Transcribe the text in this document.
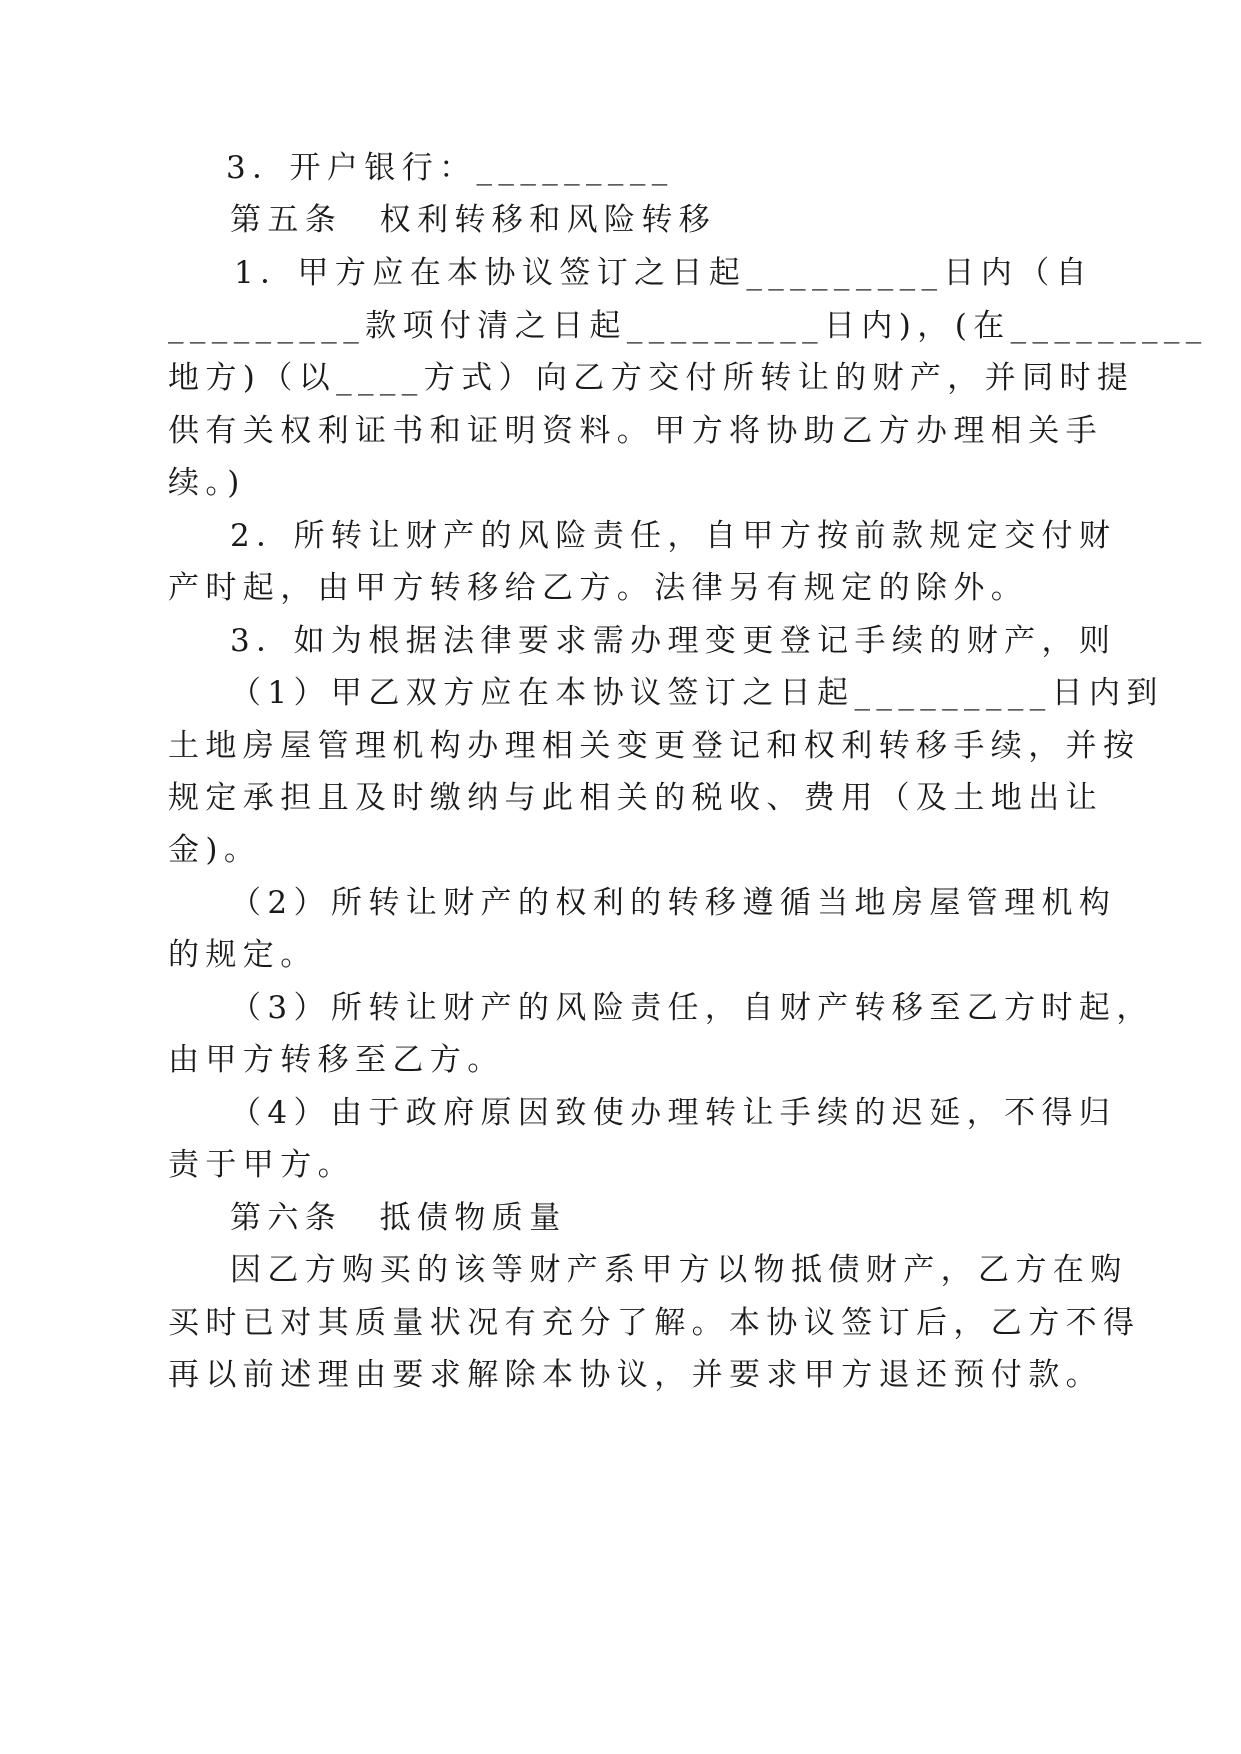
3．开户银行：_________
第五条　权利转移和风险转移
1．甲方应在本协议签订之日起_________日内（自
_________款项付清之日起_________日内)，(在_________
地方)（以____方式）向乙方交付所转让的财产，并同时提
供有关权利证书和证明资料。甲方将协助乙方办理相关手
续。)
2．所转让财产的风险责任，自甲方按前款规定交付财
产时起，由甲方转移给乙方。法律另有规定的除外。
3．如为根据法律要求需办理变更登记手续的财产，则
（1）甲乙双方应在本协议签订之日起_________日内到
土地房屋管理机构办理相关变更登记和权利转移手续，并按
规定承担且及时缴纳与此相关的税收、费用（及土地出让
金)。
（2）所转让财产的权利的转移遵循当地房屋管理机构
的规定。
（3）所转让财产的风险责任，自财产转移至乙方时起，
由甲方转移至乙方。
（4）由于政府原因致使办理转让手续的迟延，不得归
责于甲方。
第六条　抵债物质量
因乙方购买的该等财产系甲方以物抵债财产，乙方在购
买时已对其质量状况有充分了解。本协议签订后，乙方不得
再以前述理由要求解除本协议，并要求甲方退还预付款。
